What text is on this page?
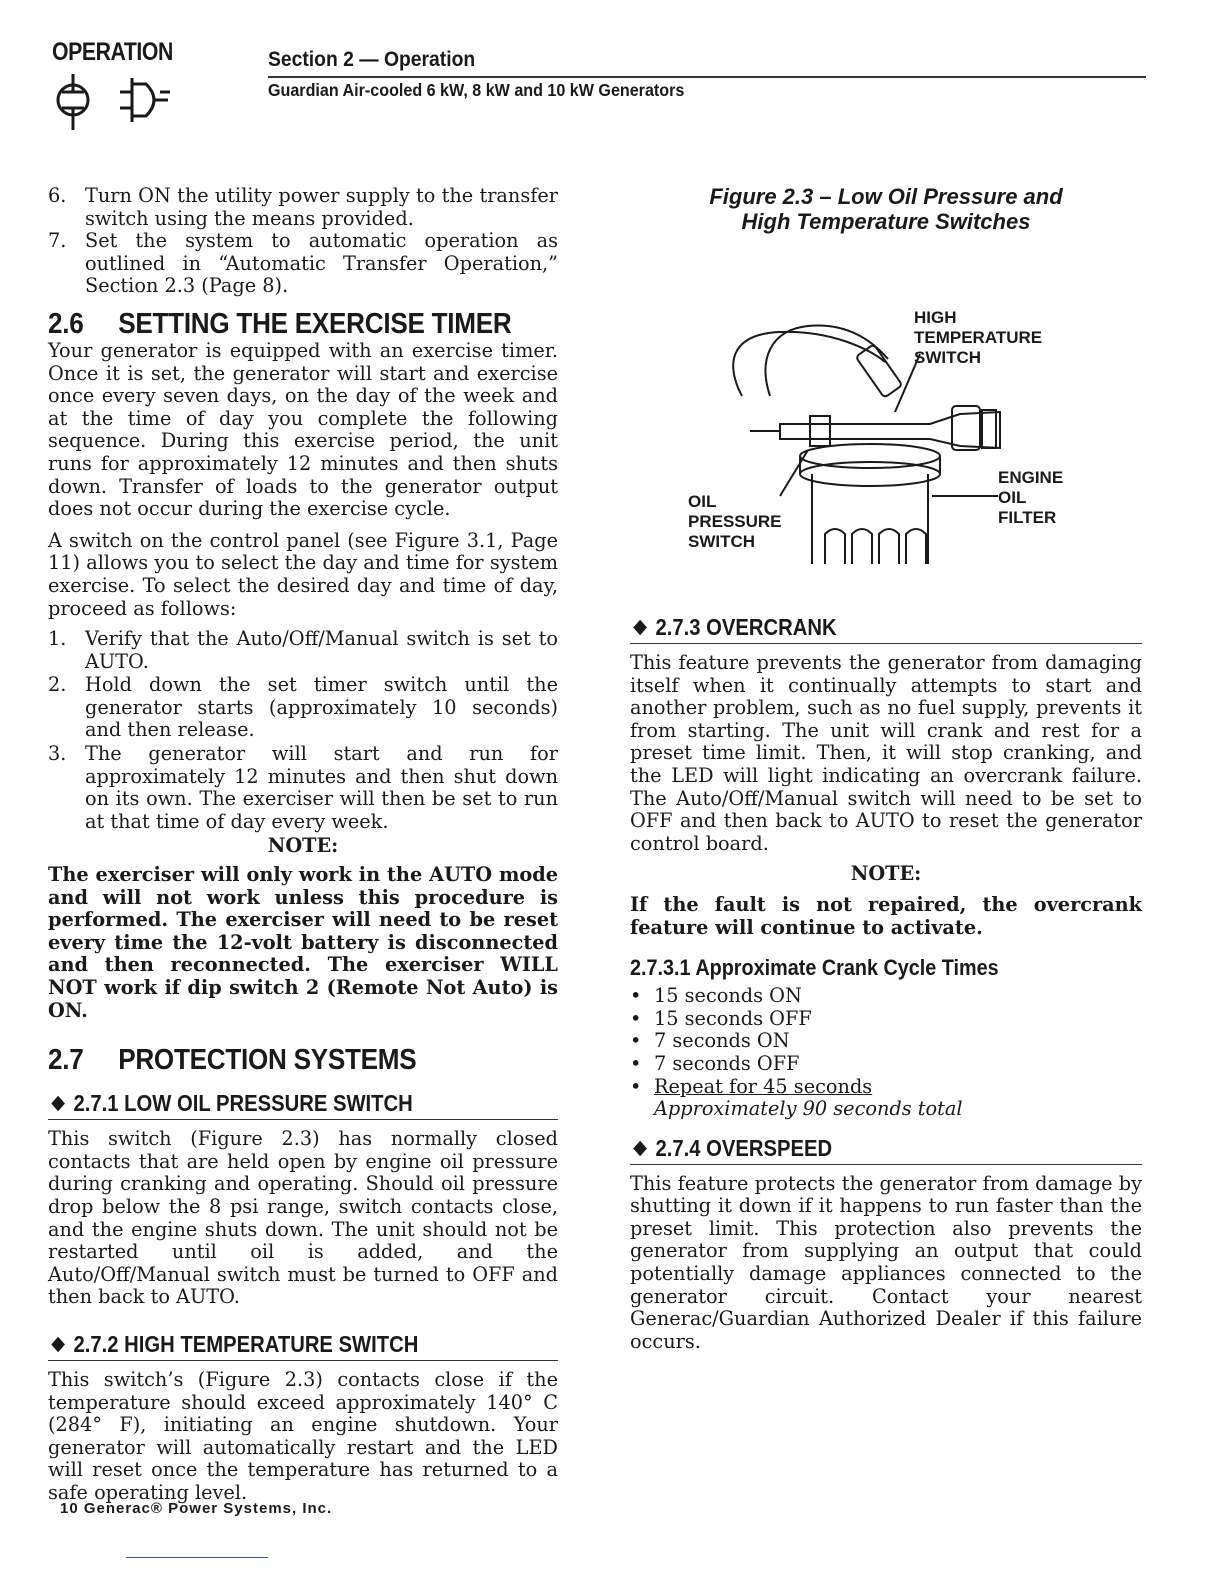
OPERATION	Section 2 — Operation
Guardian Air-cooled 6 kW, 8 kW and 10 kW Generators
6. Turn ON the utility power supply to the transfer switch using the means provided.
7. Set the system to automatic operation as outlined in “Automatic Transfer Operation,” Section 2.3 (Page 8).
2.6 SETTING THE EXERCISE TIMER

Your generator is equipped with an exercise timer. Once it is set, the generator will start and exercise once every seven days, on the day of the week and at the time of day you complete the following sequence. During this exercise period, the unit runs for approximately 12 minutes and then shuts down. Transfer of loads to the generator output does not occur during the exercise cycle.

A switch on the control panel (see Figure 3.1, Page 11) allows you to select the day and time for system exercise. To select the desired day and time of day, proceed as follows:

1. Verify that the Auto/Off/Manual switch is set to AUTO.
2. Hold down the set timer switch until the generator starts (approximately 10 seconds) and then release.
3. The generator will start and run for approximately 12 minutes and then shut down on its own. The exerciser will then be set to run at that time of day every week.
NOTE:
The exerciser will only work in the AUTO mode and will not work unless this procedure is performed. The exerciser will need to be reset every time the 12-volt battery is disconnected and then reconnected. The exerciser WILL NOT work if dip switch 2 (Remote Not Auto) is ON.
2.7 PROTECTION SYSTEMS
2.7.1 LOW OIL PRESSURE SWITCH

This switch (Figure 2.3) has normally closed contacts that are held open by engine oil pressure during cranking and operating. Should oil pressure drop below the 8 psi range, switch contacts close, and the engine shuts down. The unit should not be restarted until oil is added, and the Auto/Off/Manual switch must be turned to OFF and then back to AUTO.

2.7.2 HIGH TEMPERATURE SWITCH

This switch’s (Figure 2.3) contacts close if the temperature should exceed approximately 140° C (284° F), initiating an engine shutdown. Your generator will automatically restart and the LED will reset once the temperature has returned to a safe operating level.

Figure 2.3 – Low Oil Pressure and
High Temperature Switches
HIGH
TEMPERATURE
SWITCH
OIL
PRESSURE
SWITCH
ENGINE
OIL
FILTER
2.7.3 OVERCRANK

This feature prevents the generator from damaging itself when it continually attempts to start and another problem, such as no fuel supply, prevents it from starting. The unit will crank and rest for a preset time limit. Then, it will stop cranking, and the LED will light indicating an overcrank failure. The Auto/Off/Manual switch will need to be set to OFF and then back to AUTO to reset the generator control board.

NOTE:
If the fault is not repaired, the overcrank feature will continue to activate.
2.7.3.1 Approximate Crank Cycle Times
• 15 seconds ON
• 15 seconds OFF
• 7 seconds ON
• 7 seconds OFF
• Repeat for 45 seconds
Approximately 90 seconds total
2.7.4 OVERSPEED

This feature protects the generator from damage by shutting it down if it happens to run faster than the preset limit. This protection also prevents the generator from supplying an output that could potentially damage appliances connected to the generator circuit. Contact your nearest Generac/Guardian Authorized Dealer if this failure occurs.

10 Generac® Power Systems, Inc.
